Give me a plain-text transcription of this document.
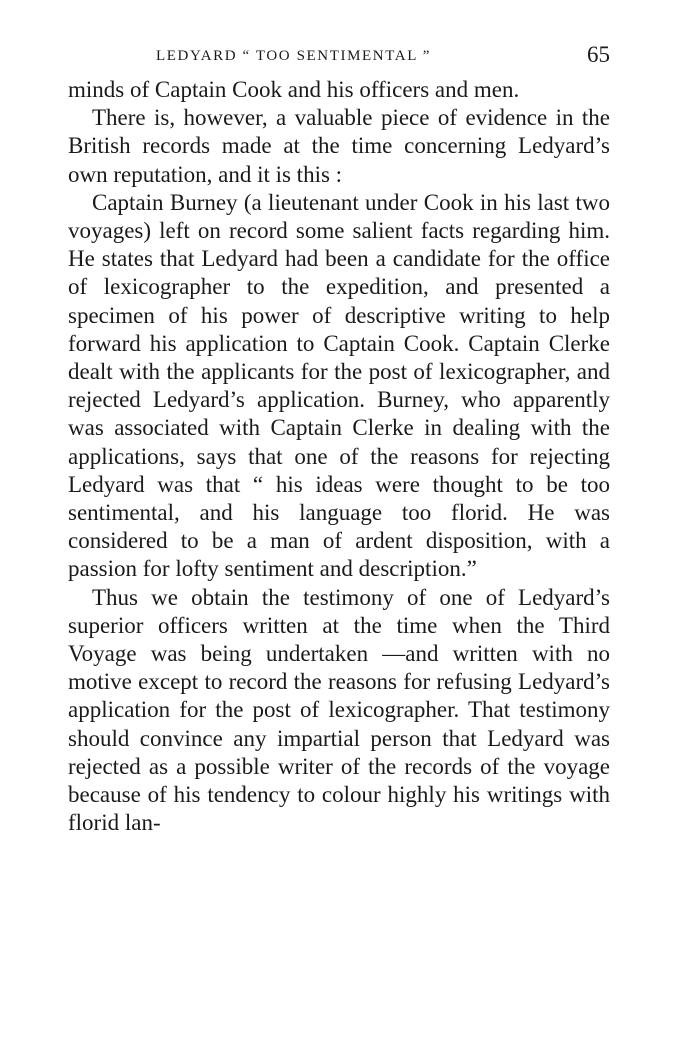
LEDYARD “ TOO SENTIMENTAL ”	65

minds of Captain Cook and his officers and men.

There is, however, a valuable piece of evidence in the British records made at the time concerning Ledyard’s own reputation, and it is this :

Captain Burney (a lieutenant under Cook in his last two voyages) left on record some salient facts regarding him. He states that Ledyard had been a candidate for the office of lexicographer to the expedition, and presented a specimen of his power of descriptive writing to help forward his application to Captain Cook. Captain Clerke dealt with the applicants for the post of lexicographer, and rejected Ledyard’s application. Burney, who apparently was associated with Captain Clerke in dealing with the applications, says that one of the reasons for rejecting Ledyard was that “ his ideas were thought to be too sentimental, and his language too florid. He was considered to be a man of ardent disposition, with a passion for lofty sentiment and description.”

Thus we obtain the testimony of one of Ledyard’s superior officers written at the time when the Third Voyage was being undertaken —and written with no motive except to record the reasons for refusing Ledyard’s application for the post of lexicographer. That testimony should convince any impartial person that Ledyard was rejected as a possible writer of the records of the voyage because of his tendency to colour highly his writings with florid lan-
